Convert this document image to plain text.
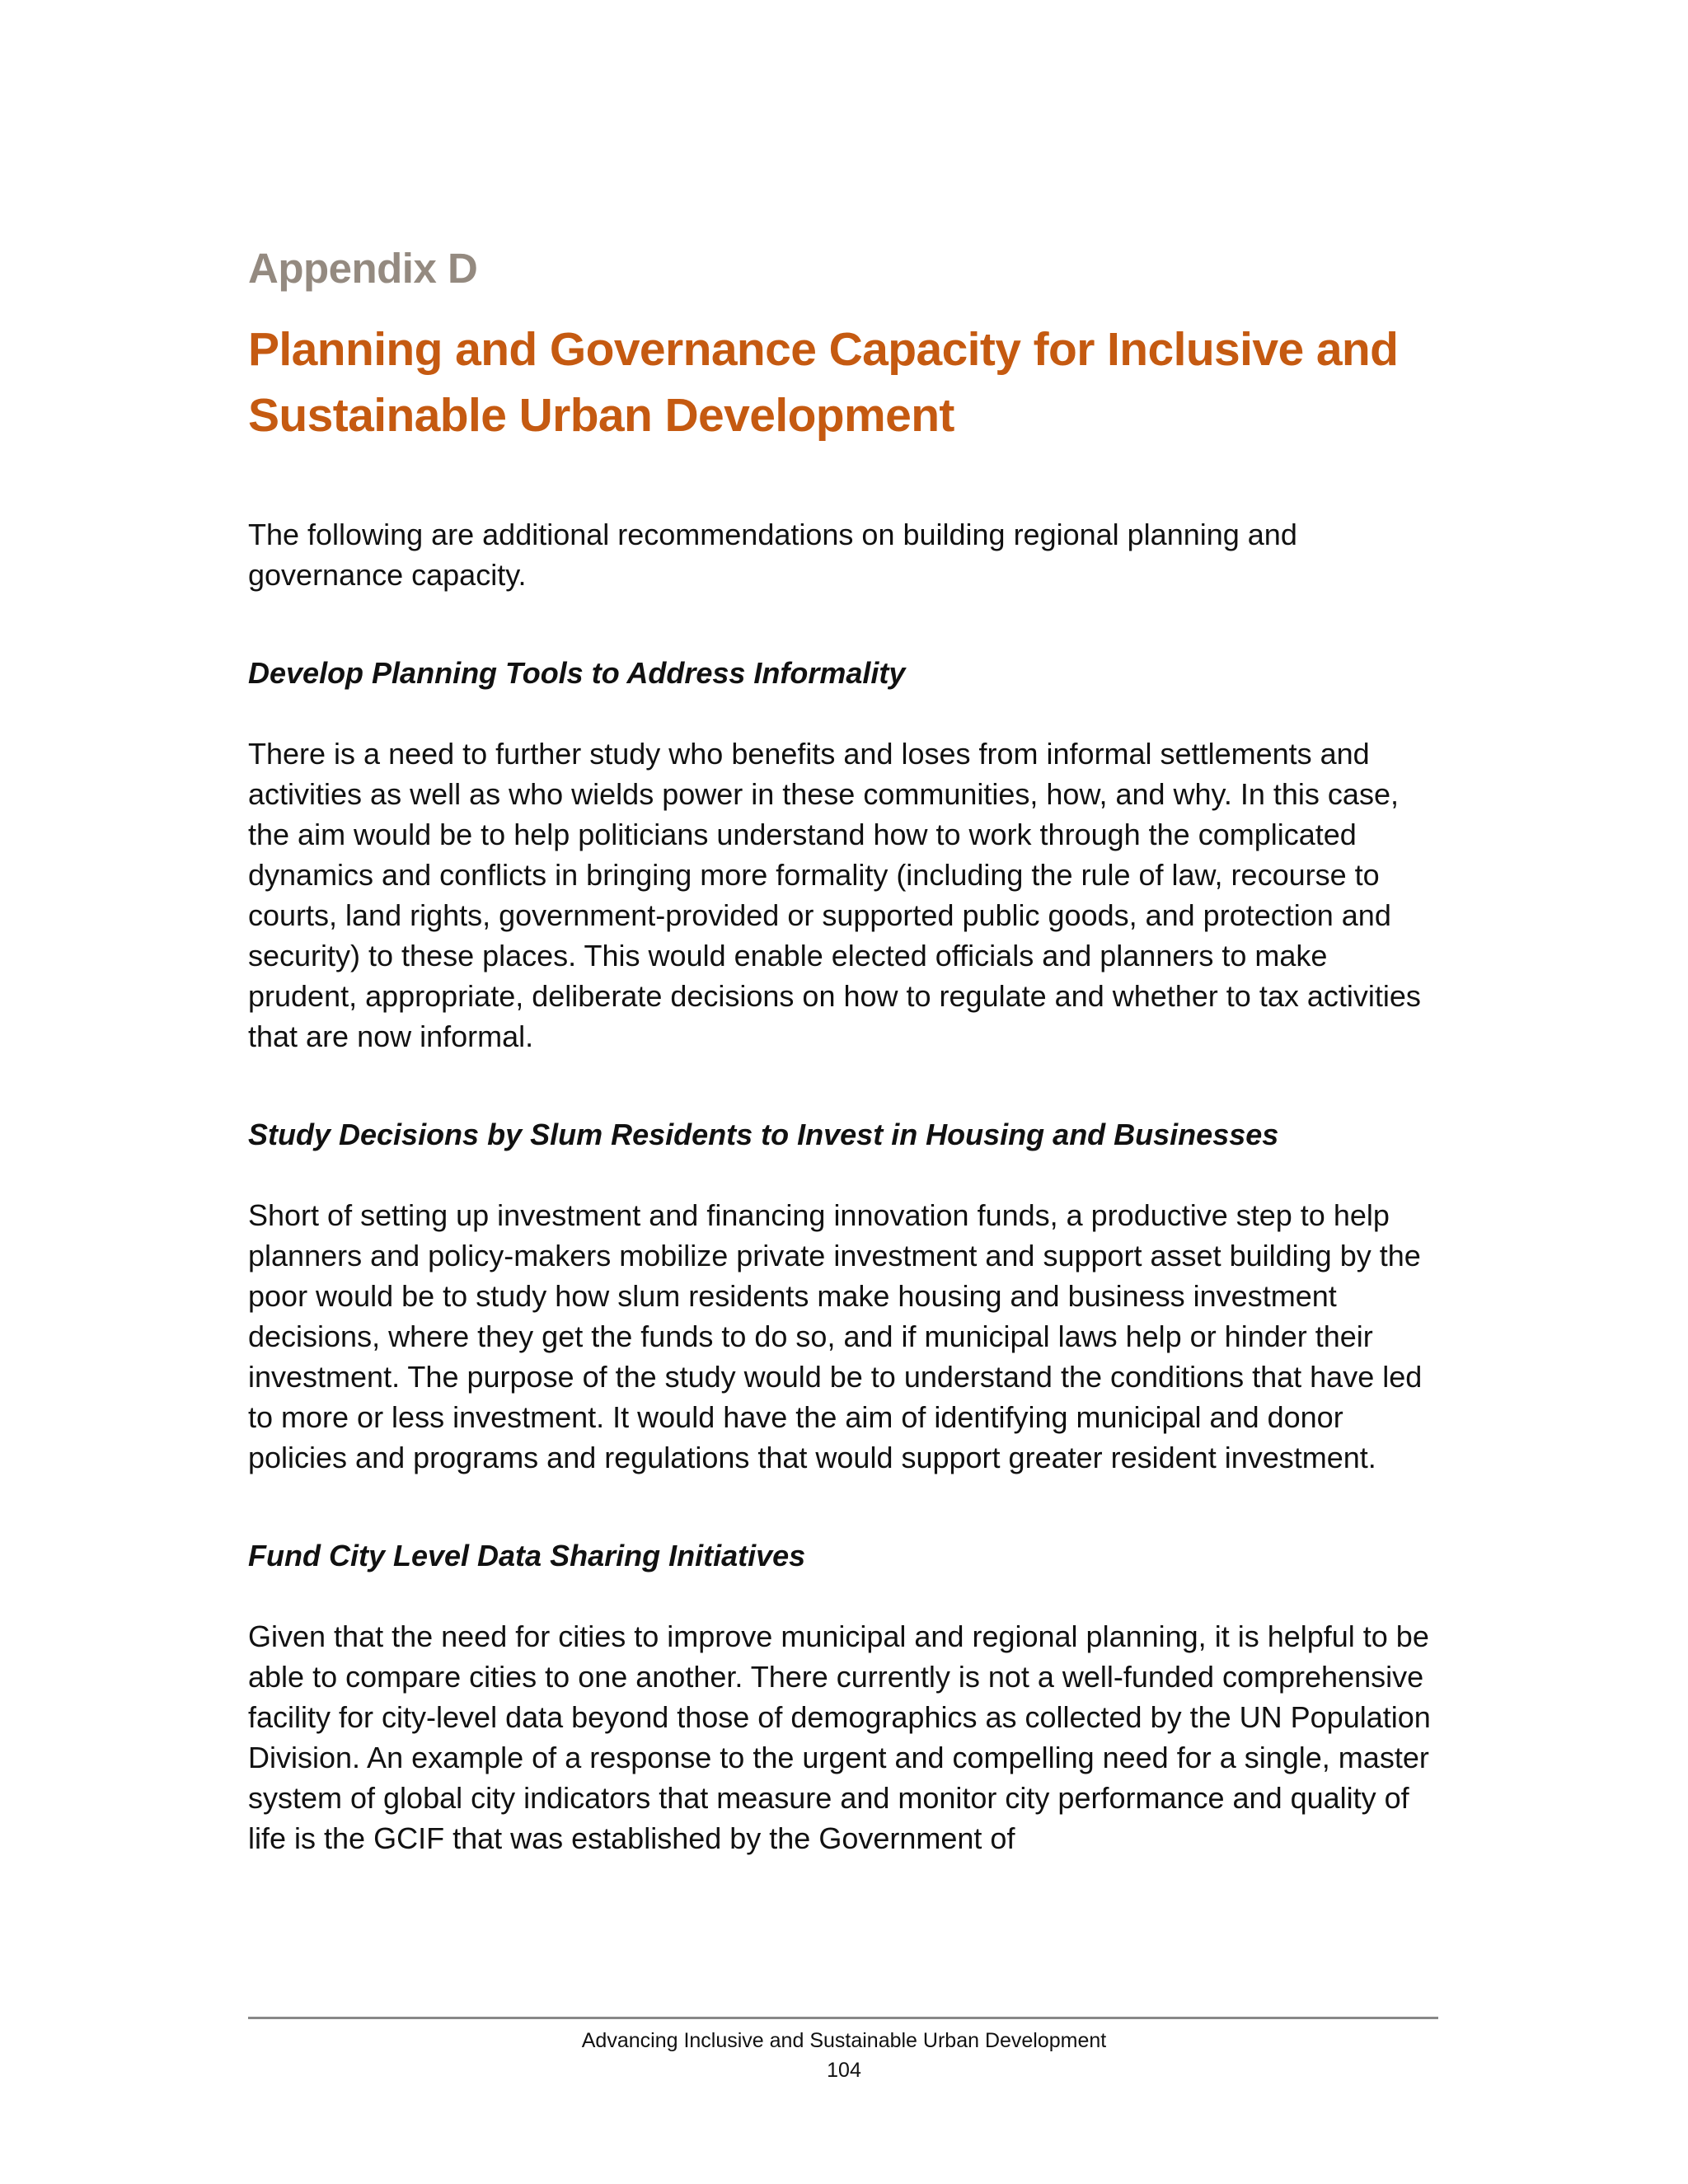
Appendix D
Planning and Governance Capacity for Inclusive and Sustainable Urban Development

The following are additional recommendations on building regional planning and governance capacity.

Develop Planning Tools to Address Informality

There is a need to further study who benefits and loses from informal settlements and activities as well as who wields power in these communities, how, and why. In this case, the aim would be to help politicians understand how to work through the complicated dynamics and conflicts in bringing more formality (including the rule of law, recourse to courts, land rights, government-provided or supported public goods, and protection and security) to these places. This would enable elected officials and planners to make prudent, appropriate, deliberate decisions on how to regulate and whether to tax activities that are now informal.

Study Decisions by Slum Residents to Invest in Housing and Businesses

Short of setting up investment and financing innovation funds, a productive step to help planners and policy-makers mobilize private investment and support asset building by the poor would be to study how slum residents make housing and business investment decisions, where they get the funds to do so, and if municipal laws help or hinder their investment. The purpose of the study would be to understand the conditions that have led to more or less investment. It would have the aim of identifying municipal and donor policies and programs and regulations that would support greater resident investment.

Fund City Level Data Sharing Initiatives

Given that the need for cities to improve municipal and regional planning, it is helpful to be able to compare cities to one another. There currently is not a well-funded comprehensive facility for city-level data beyond those of demographics as collected by the UN Population Division. An example of a response to the urgent and compelling need for a single, master system of global city indicators that measure and monitor city performance and quality of life is the GCIF that was established by the Government of

Advancing Inclusive and Sustainable Urban Development
104
